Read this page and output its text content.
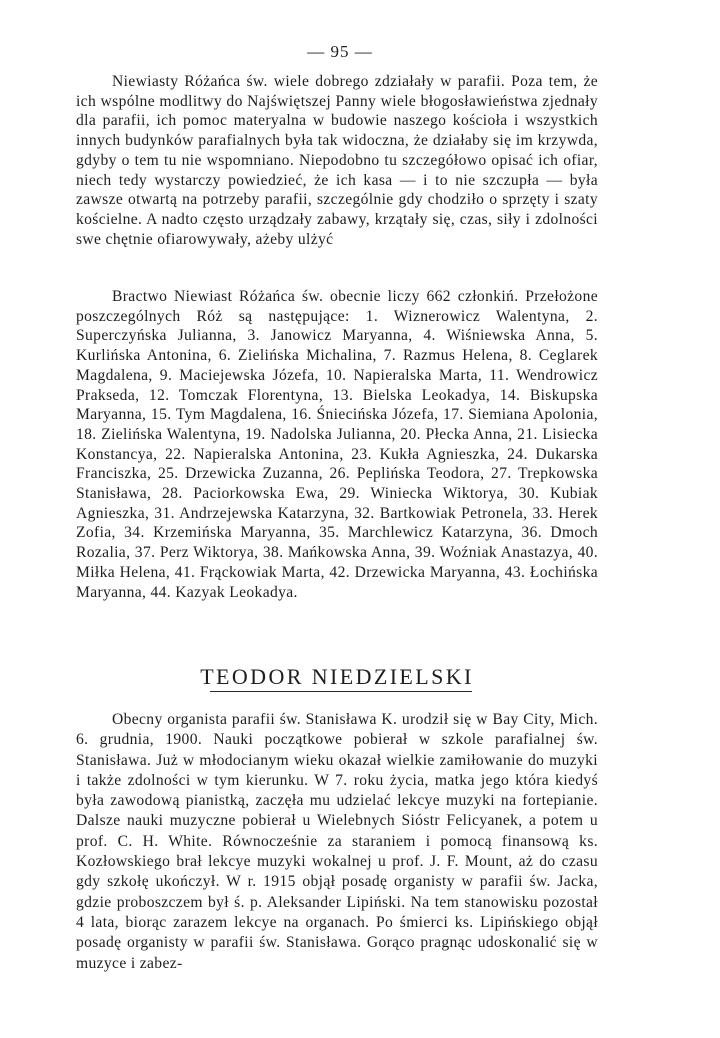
— 95 —

Niewiasty Różańca św. wiele dobrego zdziałały w parafii. Poza tem, że ich wspólne modlitwy do Najświętszej Panny wiele błogosławieństwa zjednały dla parafii, ich pomoc materyalna w budowie naszego kościoła i wszystkich innych budynków parafialnych była tak widoczna, że działaby się im krzywda, gdyby o tem tu nie wspomniano. Niepodobno tu szczegółowo opisać ich ofiar, niech tedy wystarczy powiedzieć, że ich kasa — i to nie szczupła — była zawsze otwartą na potrzeby parafii, szczególnie gdy chodziło o sprzęty i szaty kościelne. A nadto często urządzały zabawy, krzątały się, czas, siły i zdolności swe chętnie ofiarowywały, ażeby ulżyć

Bractwo Niewiast Różańca św. obecnie liczy 662 członkiń. Przełożone poszczególnych Róż są następujące: 1. Wiznerowicz Walentyna, 2. Superczyńska Julianna, 3. Janowicz Maryanna, 4. Wiśniewska Anna, 5. Kurlińska Antonina, 6. Zielińska Michalina, 7. Razmus Helena, 8. Ceglarek Magdalena, 9. Maciejewska Józefa, 10. Napieralska Marta, 11. Wendrowicz Prakseda, 12. Tomczak Florentyna, 13. Bielska Leokadya, 14. Biskupska Maryanna, 15. Tym Magdalena, 16. Śniecińska Józefa, 17. Siemiana Apolonia, 18. Zielińska Walentyna, 19. Nadolska Julianna, 20. Płecka Anna, 21. Lisiecka Konstancya, 22. Napieralska Antonina, 23. Kukła Agnieszka, 24. Dukarska Franciszka, 25. Drzewicka Zuzanna, 26. Peplińska Teodora, 27. Trepkowska Stanisława, 28. Paciorkowska Ewa, 29. Winiecka Wiktorya, 30. Kubiak Agnieszka, 31. Andrzejewska Katarzyna, 32. Bartkowiak Petronela, 33. Herek Zofia, 34. Krzemińska Maryanna, 35. Marchlewicz Katarzyna, 36. Dmoch Rozalia, 37. Perz Wiktorya, 38. Mańkowska Anna, 39. Woźniak Anastazya, 40. Miłka Helena, 41. Frąckowiak Marta, 42. Drzewicka Maryanna, 43. Łochińska Maryanna, 44. Kazyak Leokadya.

TEODOR NIEDZIELSKI

Obecny organista parafii św. Stanisława K. urodził się w Bay City, Mich. 6. grudnia, 1900. Nauki początkowe pobierał w szkole parafialnej św. Stanisława. Już w młodocianym wieku okazał wielkie zamiłowanie do muzyki i także zdolności w tym kierunku. W 7. roku życia, matka jego która kiedyś była zawodową pianistką, zaczęła mu udzielać lekcye muzyki na fortepianie. Dalsze nauki muzyczne pobierał u Wielebnych Sióstr Felicyanek, a potem u prof. C. H. White. Równocześnie za staraniem i pomocą finansową ks. Kozłowskiego brał lekcye muzyki wokalnej u prof. J. F. Mount, aż do czasu gdy szkołę ukończył. W r. 1915 objął posadę organisty w parafii św. Jacka, gdzie proboszczem był ś. p. Aleksander Lipiński. Na tem stanowisku pozostał 4 lata, biorąc zarazem lekcye na organach. Po śmierci ks. Lipińskiego objął posadę organisty w parafii św. Stanisława. Gorąco pragnąc udoskonalić się w muzyce i zabez-
